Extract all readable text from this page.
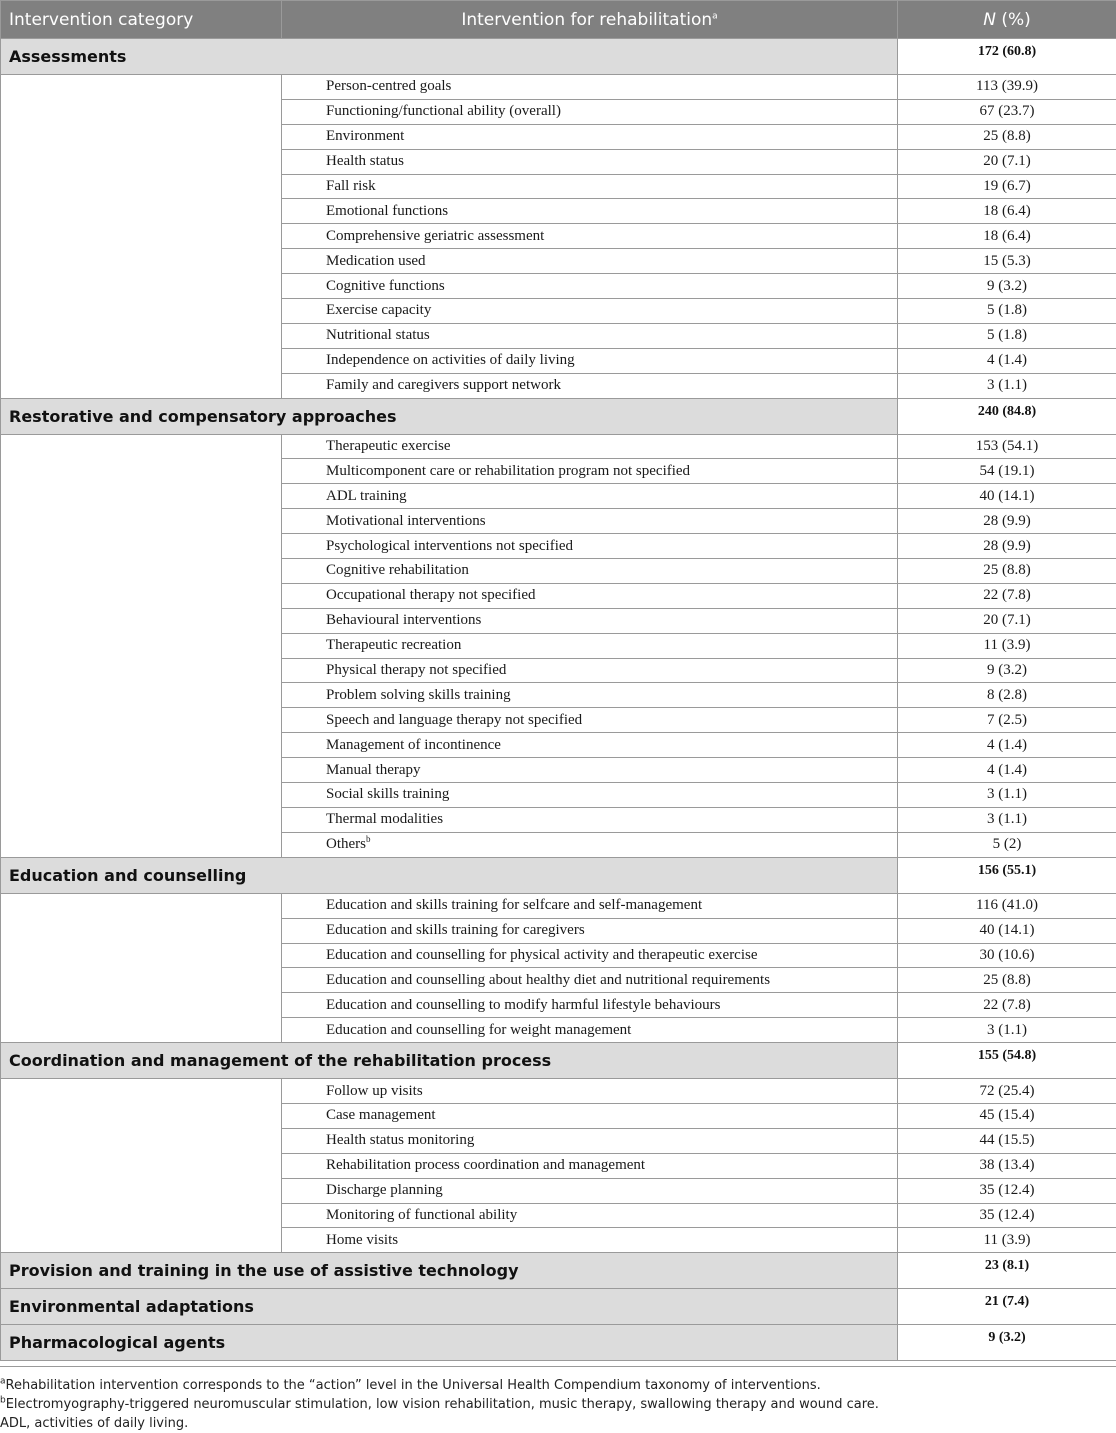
Intervention category	Intervention for rehabilitation$^a$	N (%)
Assessments		172 (60.8)
	Person-centred goals	113 (39.9)
	Functioning/functional ability (overall)	67 (23.7)
	Environment	25 (8.8)
	Health status	20 (7.1)
	Fall risk	19 (6.7)
	Emotional functions	18 (6.4)
	Comprehensive geriatric assessment	18 (6.4)
	Medication used	15 (5.3)
	Cognitive functions	9 (3.2)
	Exercise capacity	5 (1.8)
	Nutritional status	5 (1.8)
	Independence on activities of daily living	4 (1.4)
	Family and caregivers support network	3 (1.1)
Restorative and compensatory approaches		240 (84.8)
	Therapeutic exercise	153 (54.1)
	Multicomponent care or rehabilitation program not specified	54 (19.1)
	ADL training	40 (14.1)
	Motivational interventions	28 (9.9)
	Psychological interventions not specified	28 (9.9)
	Cognitive rehabilitation	25 (8.8)
	Occupational therapy not specified	22 (7.8)
	Behavioural interventions	20 (7.1)
	Therapeutic recreation	11 (3.9)
	Physical therapy not specified	9 (3.2)
	Problem solving skills training	8 (2.8)
	Speech and language therapy not specified	7 (2.5)
	Management of incontinence	4 (1.4)
	Manual therapy	4 (1.4)
	Social skills training	3 (1.1)
	Thermal modalities	3 (1.1)
	Others$^b$	5 (2)
Education and counselling		156 (55.1)
	Education and skills training for selfcare and self-management	116 (41.0)
	Education and skills training for caregivers	40 (14.1)
	Education and counselling for physical activity and therapeutic exercise	30 (10.6)
	Education and counselling about healthy diet and nutritional requirements	25 (8.8)
	Education and counselling to modify harmful lifestyle behaviours	22 (7.8)
	Education and counselling for weight management	3 (1.1)
Coordination and management of the rehabilitation process		155 (54.8)
	Follow up visits	72 (25.4)
	Case management	45 (15.4)
	Health status monitoring	44 (15.5)
	Rehabilitation process coordination and management	38 (13.4)
	Discharge planning	35 (12.4)
	Monitoring of functional ability	35 (12.4)
	Home visits	11 (3.9)
Provision and training in the use of assistive technology		23 (8.1)
Environmental adaptations		21 (7.4)
Pharmacological agents		9 (3.2)
$^a$Rehabilitation intervention corresponds to the “action” level in the Universal Health Compendium taxonomy of interventions.
$^b$Electromyography-triggered neuromuscular stimulation, low vision rehabilitation, music therapy, swallowing therapy and wound care.
ADL, activities of daily living.
